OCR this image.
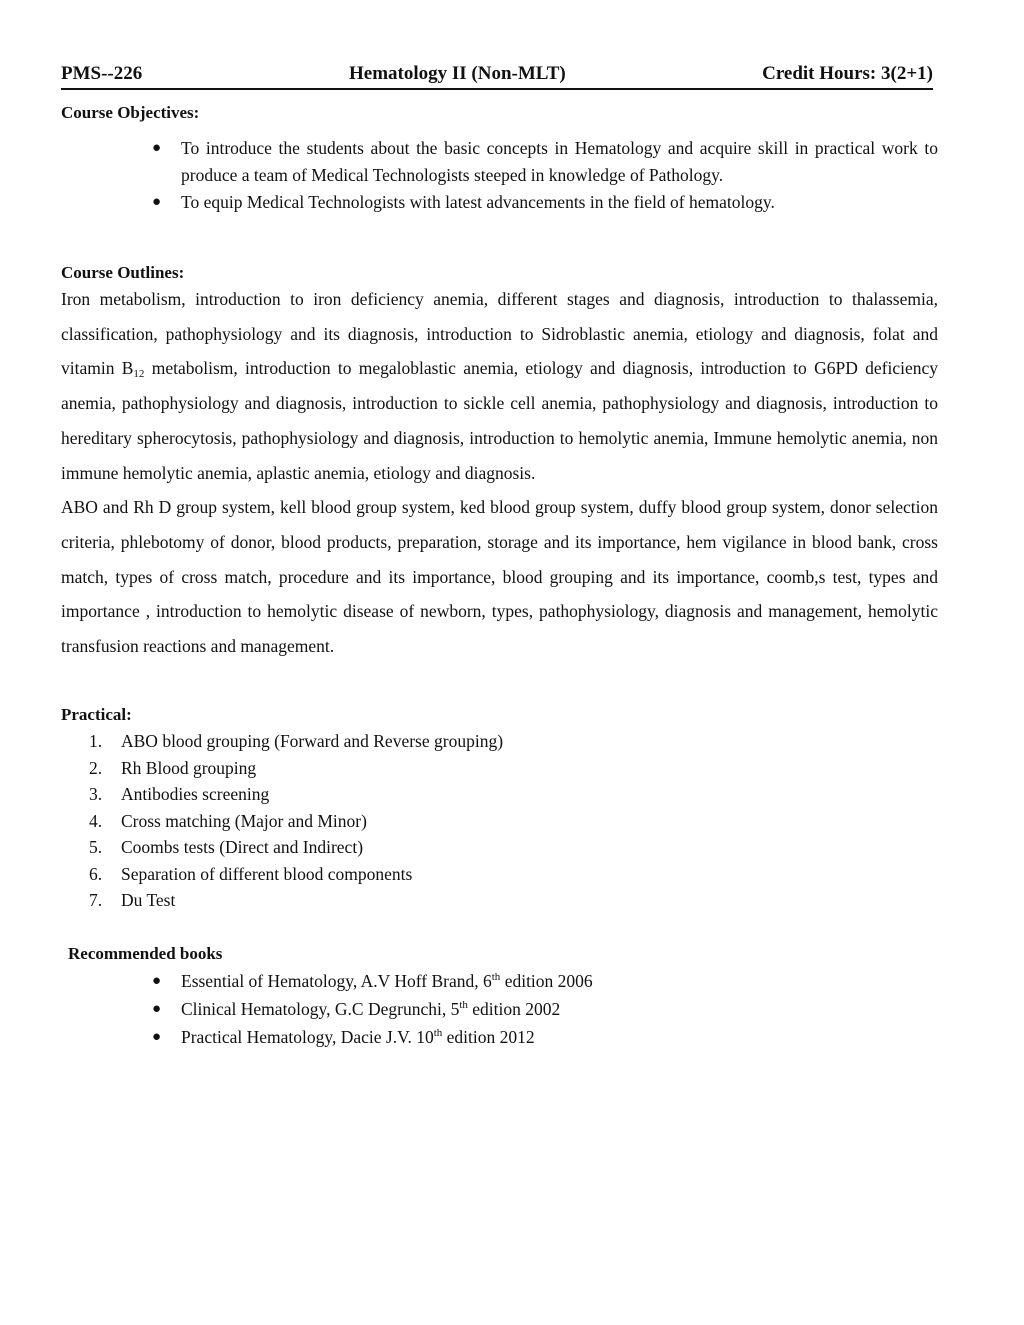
PMS--226	Hematology II (Non-MLT)	Credit Hours: 3(2+1)
Course Objectives:
● To introduce the students about the basic concepts in Hematology and acquire skill in practical work to produce a team of Medical Technologists steeped in knowledge of Pathology.
● To equip Medical Technologists with latest advancements in the field of hematology.
Course Outlines:

Iron metabolism, introduction to iron deficiency anemia, different stages and diagnosis, introduction to thalassemia, classification, pathophysiology and its diagnosis, introduction to Sidroblastic anemia, etiology and diagnosis, folat and vitamin $B_{12}$ metabolism, introduction to megaloblastic anemia, etiology and diagnosis, introduction to G6PD deficiency anemia, pathophysiology and diagnosis, introduction to sickle cell anemia, pathophysiology and diagnosis, introduction to hereditary spherocytosis, pathophysiology and diagnosis, introduction to hemolytic anemia, Immune hemolytic anemia, non immune hemolytic anemia, aplastic anemia, etiology and diagnosis.

ABO and Rh D group system, kell blood group system, ked blood group system, duffy blood group system, donor selection criteria, phlebotomy of donor, blood products, preparation, storage and its importance, hem vigilance in blood bank, cross match, types of cross match, procedure and its importance, blood grouping and its importance, coomb,s test, types and importance , introduction to hemolytic disease of newborn, types, pathophysiology, diagnosis and management, hemolytic transfusion reactions and management.

Practical:
1. ABO blood grouping (Forward and Reverse grouping)
2. Rh Blood grouping
3. Antibodies screening
4. Cross matching (Major and Minor)
5. Coombs tests (Direct and Indirect)
6. Separation of different blood components
7. Du Test
Recommended books
● Essential of Hematology, A.V Hoff Brand, 6th edition 2006
● Clinical Hematology, G.C Degrunchi, 5th edition 2002
● Practical Hematology, Dacie J.V. 10th edition 2012
